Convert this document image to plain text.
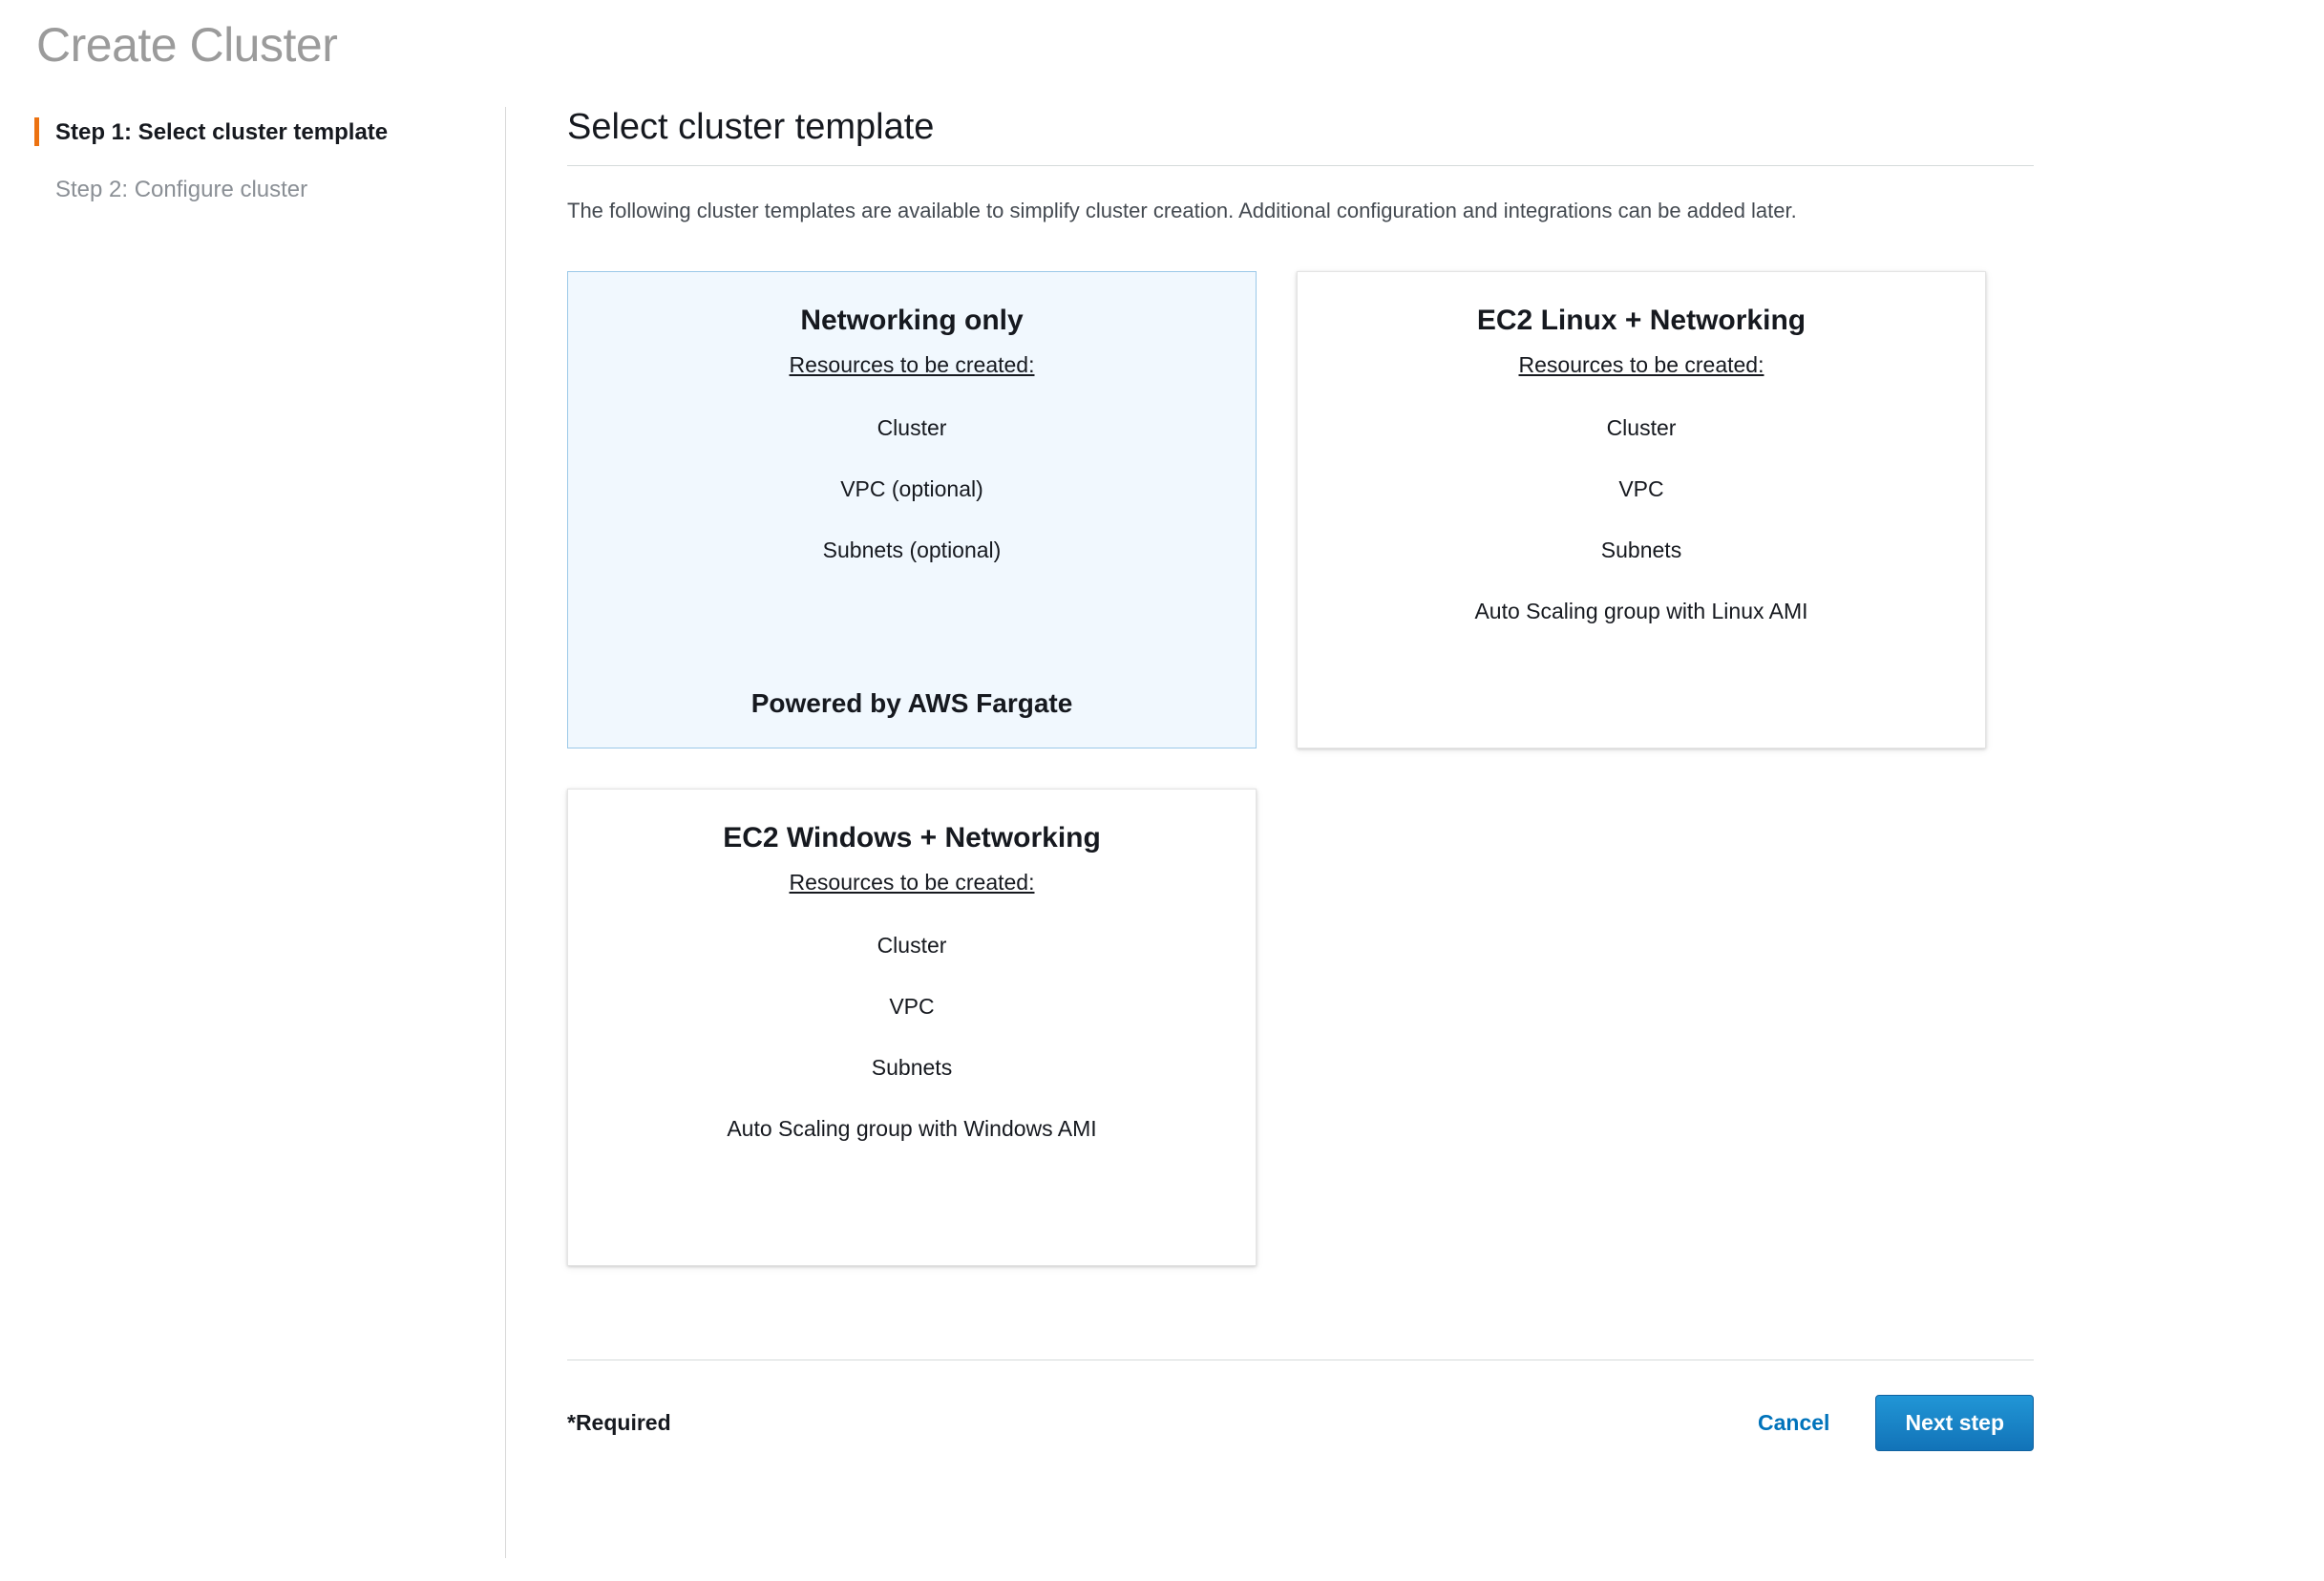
Create Cluster
Step 1: Select cluster template
Step 2: Configure cluster
Select cluster template
The following cluster templates are available to simplify cluster creation. Additional configuration and integrations can be added later.
Networking only
Resources to be created:
Cluster
VPC (optional)
Subnets (optional)
Powered by AWS Fargate
EC2 Linux + Networking
Resources to be created:
Cluster
VPC
Subnets
Auto Scaling group with Linux AMI
EC2 Windows + Networking
Resources to be created:
Cluster
VPC
Subnets
Auto Scaling group with Windows AMI
*Required	Cancel	Next step
